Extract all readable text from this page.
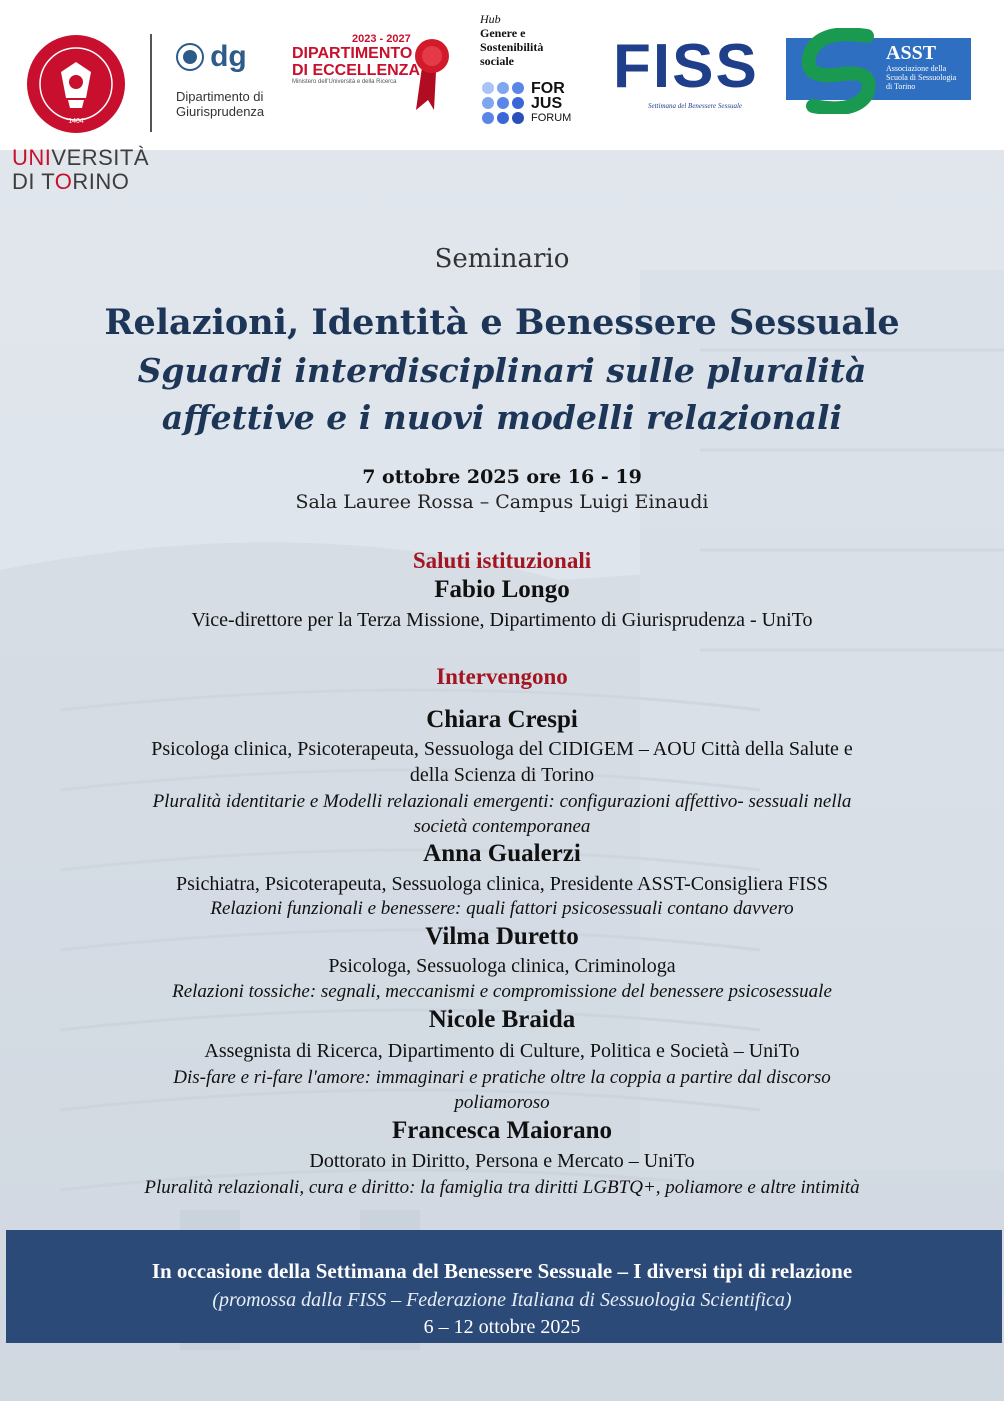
1404
dg
Dipartimento di
Giurisprudenza
2023 - 2027
DIPARTIMENTO
DI ECCELLENZA
Ministero dell'Università e della Ricerca
Hub
Genere e
Sostenibilità
sociale
FOR
JUS
FORUM
FISS
Settimana del Benessere Sessuale
ASST
Associazione della
Scuola di Sessuologia
di Torino
UNIVERSITÀ
DI TORINO
Seminario
Relazioni, Identità e Benessere Sessuale
Sguardi interdisciplinari sulle pluralità
affettive e i nuovi modelli relazionali
7 ottobre 2025 ore 16 - 19
Sala Lauree Rossa – Campus Luigi Einaudi
Saluti istituzionali
Fabio Longo
Vice-direttore per la Terza Missione, Dipartimento di Giurisprudenza - UniTo
Intervengono
Chiara Crespi
Psicologa clinica, Psicoterapeuta, Sessuologa del CIDIGEM – AOU Città della Salute e
della Scienza di Torino
Pluralità identitarie e Modelli relazionali emergenti: configurazioni affettivo- sessuali nella
società contemporanea
Anna Gualerzi
Psichiatra, Psicoterapeuta, Sessuologa clinica, Presidente ASST-Consigliera FISS
Relazioni funzionali e benessere: quali fattori psicosessuali contano davvero
Vilma Duretto
Psicologa, Sessuologa clinica, Criminologa
Relazioni tossiche: segnali, meccanismi e compromissione del benessere psicosessuale
Nicole Braida
Assegnista di Ricerca, Dipartimento di Culture, Politica e Società – UniTo
Dis-fare e ri-fare l'amore: immaginari e pratiche oltre la coppia a partire dal discorso
poliamoroso
Francesca Maiorano
Dottorato in Diritto, Persona e Mercato – UniTo
Pluralità relazionali, cura e diritto: la famiglia tra diritti LGBTQ+, poliamore e altre intimità
In occasione della Settimana del Benessere Sessuale – I diversi tipi di relazione
(promossa dalla FISS – Federazione Italiana di Sessuologia Scientifica)
6 – 12 ottobre 2025
